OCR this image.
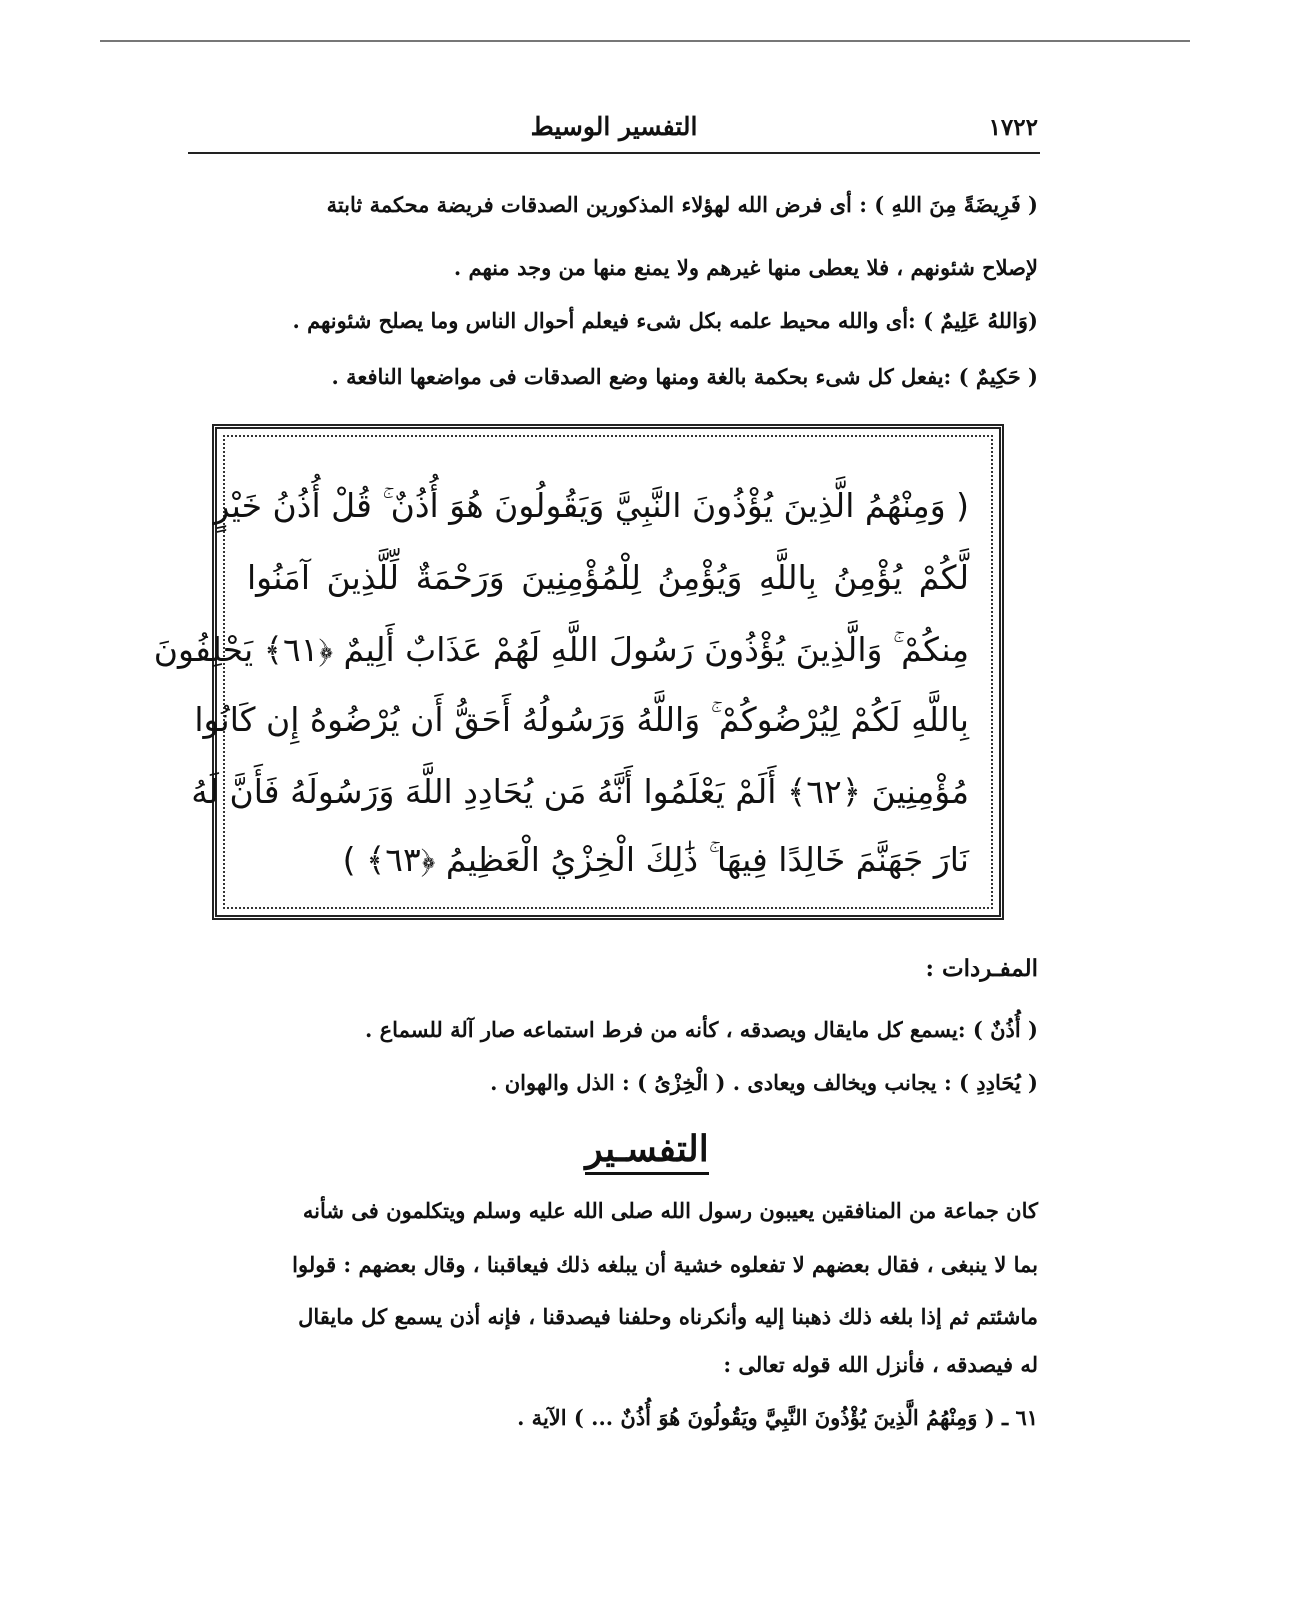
١٧٢٢
التفسير الوسيط
( فَرِيضَةً مِنَ اللهِ ) : أى فرض الله لهؤلاء المذكورين الصدقات فريضة محكمة ثابتة
لإصلاح شئونهم ، فلا يعطى منها غيرهم ولا يمنع منها من وجد منهم .
(وَاللهُ عَلِيمٌ ) :أى والله محيط علمه بكل شىء فيعلم أحوال الناس وما يصلح شئونهم .
( حَكِيمٌ ) :يفعل كل شىء بحكمة بالغة ومنها وضع الصدقات فى مواضعها النافعة .
( وَمِنْهُمُ الَّذِينَ يُؤْذُونَ النَّبِيَّ وَيَقُولُونَ هُوَ أُذُنٌ ۚ قُلْ أُذُنُ خَيْرٍ
لَّكُمْ يُؤْمِنُ بِاللَّهِ وَيُؤْمِنُ لِلْمُؤْمِنِينَ وَرَحْمَةٌ لِّلَّذِينَ آمَنُوا
مِنكُمْ ۚ وَالَّذِينَ يُؤْذُونَ رَسُولَ اللَّهِ لَهُمْ عَذَابٌ أَلِيمٌ ﴿٦١﴾ يَحْلِفُونَ
بِاللَّهِ لَكُمْ لِيُرْضُوكُمْ ۚ وَاللَّهُ وَرَسُولُهُ أَحَقُّ أَن يُرْضُوهُ إِن كَانُوا
مُؤْمِنِينَ ﴿٦٢﴾ أَلَمْ يَعْلَمُوا أَنَّهُ مَن يُحَادِدِ اللَّهَ وَرَسُولَهُ فَأَنَّ لَهُ
نَارَ جَهَنَّمَ خَالِدًا فِيهَا ۚ ذَٰلِكَ الْخِزْيُ الْعَظِيمُ ﴿٦٣﴾ )
المفـردات :
( أُذُنٌ ) :يسمع كل مايقال ويصدقه ، كأنه من فرط استماعه صار آلة للسماع .
( يُحَادِدِ ) : يجانب ويخالف ويعادى . ( الْخِزْىُ ) : الذل والهوان .
التفسـير
كان جماعة من المنافقين يعيبون رسول الله صلى الله عليه وسلم ويتكلمون فى شأنه
بما لا ينبغى ، فقال بعضهم لا تفعلوه خشية أن يبلغه ذلك فيعاقبنا ، وقال بعضهم : قولوا
ماشئتم ثم إذا بلغه ذلك ذهبنا إليه وأنكرناه وحلفنا فيصدقنا ، فإنه أذن يسمع كل مايقال
له فيصدقه ، فأنزل الله قوله تعالى :
٦١ ـ ( وَمِنْهُمُ الَّذِينَ يُؤْذُونَ النَّبِيَّ ويَقُولُونَ هُوَ أُذُنٌ ... ) الآية .
